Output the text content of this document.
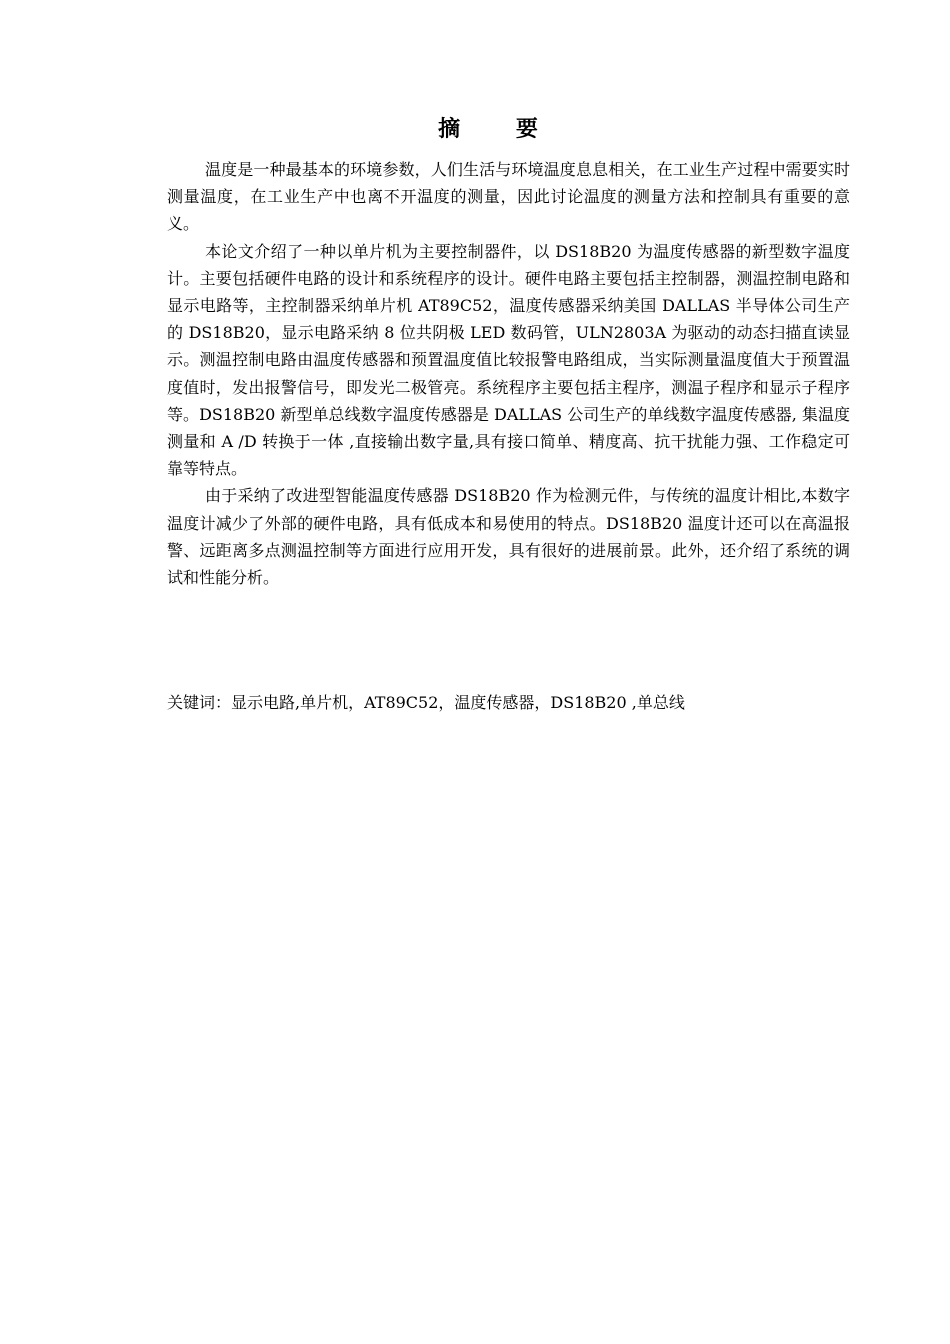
摘 要

温度是一种最基本的环境参数，人们生活与环境温度息息相关，在工业生产过程中需要实时测量温度，在工业生产中也离不开温度的测量，因此讨论温度的测量方法和控制具有重要的意义。

本论文介绍了一种以单片机为主要控制器件，以 DS18B20 为温度传感器的新型数字温度计。主要包括硬件电路的设计和系统程序的设计。硬件电路主要包括主控制器，测温控制电路和显示电路等，主控制器采纳单片机 AT89C52，温度传感器采纳美国 DALLAS 半导体公司生产的 DS18B20，显示电路采纳 8 位共阴极 LED 数码管，ULN2803A 为驱动的动态扫描直读显示。测温控制电路由温度传感器和预置温度值比较报警电路组成，当实际测量温度值大于预置温度值时，发出报警信号，即发光二极管亮。系统程序主要包括主程序，测温子程序和显示子程序等。DS18B20 新型单总线数字温度传感器是 DALLAS 公司生产的单线数字温度传感器, 集温度测量和 A /D 转换于一体 ,直接输出数字量,具有接口简单、精度高、抗干扰能力强、工作稳定可靠等特点。

由于采纳了改进型智能温度传感器 DS18B20 作为检测元件，与传统的温度计相比,本数字温度计减少了外部的硬件电路，具有低成本和易使用的特点。DS18B20 温度计还可以在高温报警、远距离多点测温控制等方面进行应用开发，具有很好的进展前景。此外，还介绍了系统的调试和性能分析。

关键词：显示电路,单片机，AT89C52，温度传感器，DS18B20 ,单总线
